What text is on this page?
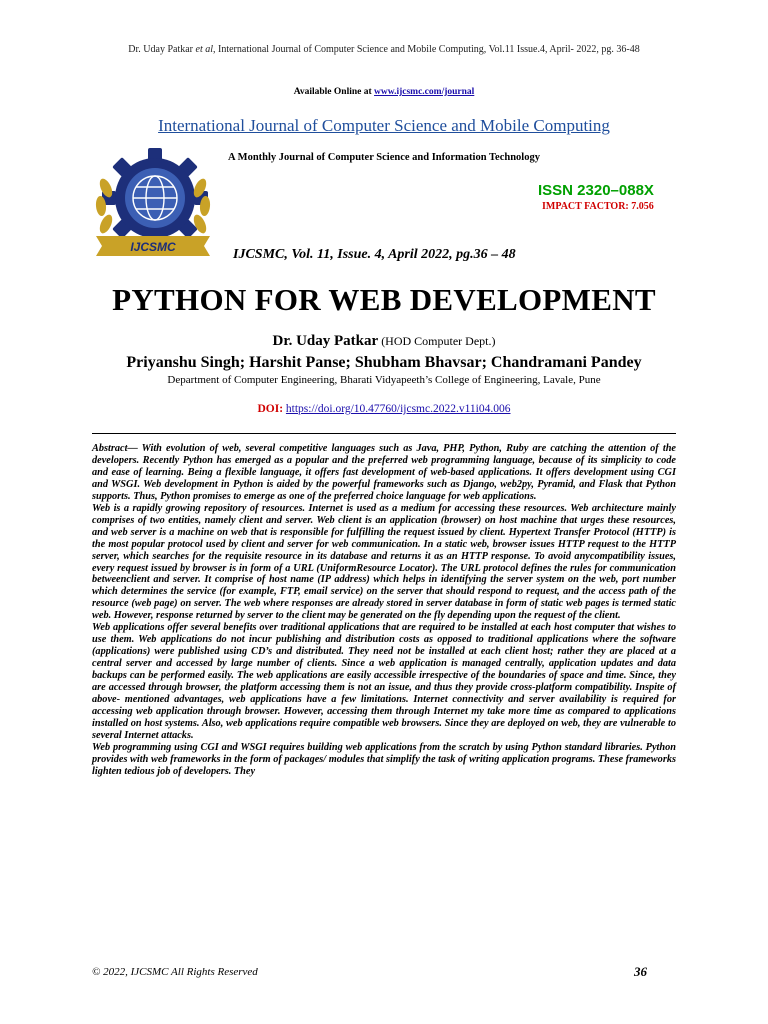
Dr. Uday Patkar et al, International Journal of Computer Science and Mobile Computing, Vol.11 Issue.4, April- 2022, pg. 36-48
Available Online at www.ijcsmc.com/journal
International Journal of Computer Science and Mobile Computing
A Monthly Journal of Computer Science and Information Technology
IJCSMC
ISSN 2320–088X
IMPACT FACTOR: 7.056
IJCSMC, Vol. 11, Issue. 4, April 2022, pg.36 – 48
PYTHON FOR WEB DEVELOPMENT
Dr. Uday Patkar (HOD Computer Dept.)
Priyanshu Singh; Harshit Panse; Shubham Bhavsar; Chandramani Pandey
Department of Computer Engineering, Bharati Vidyapeeth’s College of Engineering, Lavale, Pune
DOI: https://doi.org/10.47760/ijcsmc.2022.v11i04.006

Abstract— With evolution of web, several competitive languages such as Java, PHP, Python, Ruby are catching the attention of the developers. Recently Python has emerged as a popular and the preferred web programming language, because of its simplicity to code and ease of learning. Being a flexible language, it offers fast development of web-based applications. It offers development using CGI and WSGI. Web development in Python is aided by the powerful frameworks such as Django, web2py, Pyramid, and Flask that Python supports. Thus, Python promises to emerge as one of the preferred choice language for web applications.

Web is a rapidly growing repository of resources. Internet is used as a medium for accessing these resources. Web architecture mainly comprises of two entities, namely client and server. Web client is an application (browser) on host machine that urges these resources, and web server is a machine on web that is responsible for fulfilling the request issued by client. Hypertext Transfer Protocol (HTTP) is the most popular protocol used by client and server for web communication. In a static web, browser issues HTTP request to the HTTP server, which searches for the requisite resource in its database and returns it as an HTTP response. To avoid anycompatibility issues, every request issued by browser is in form of a URL (UniformResource Locator). The URL protocol defines the rules for communication betweenclient and server. It comprise of host name (IP address) which helps in identifying the server system on the web, port number which determines the service (for example, FTP, email service) on the server that should respond to request, and the access path of the resource (web page) on server. The web where responses are already stored in server database in form of static web pages is termed static web. However, response returned by server to the client may be generated on the fly depending upon the request of the client.

Web applications offer several benefits over traditional applications that are required to be installed at each host computer that wishes to use them. Web applications do not incur publishing and distribution costs as opposed to traditional applications where the software (applications) were published using CD’s and distributed. They need not be installed at each client host; rather they are placed at a central server and accessed by large number of clients. Since a web application is managed centrally, application updates and data backups can be performed easily. The web applications are easily accessible irrespective of the boundaries of space and time. Since, they are accessed through browser, the platform accessing them is not an issue, and thus they provide cross-platform compatibility. Inspite of above- mentioned advantages, web applications have a few limitations. Internet connectivity and server availability is required for accessing web application through browser. However, accessing them through Internet my take more time as compared to applications installed on host systems. Also, web applications require compatible web browsers. Since they are deployed on web, they are vulnerable to several Internet attacks.

Web programming using CGI and WSGI requires building web applications from the scratch by using Python standard libraries. Python provides with web frameworks in the form of packages/ modules that simplify the task of writing application programs. These frameworks lighten tedious job of developers. They

© 2022, IJCSMC All Rights Reserved	36
